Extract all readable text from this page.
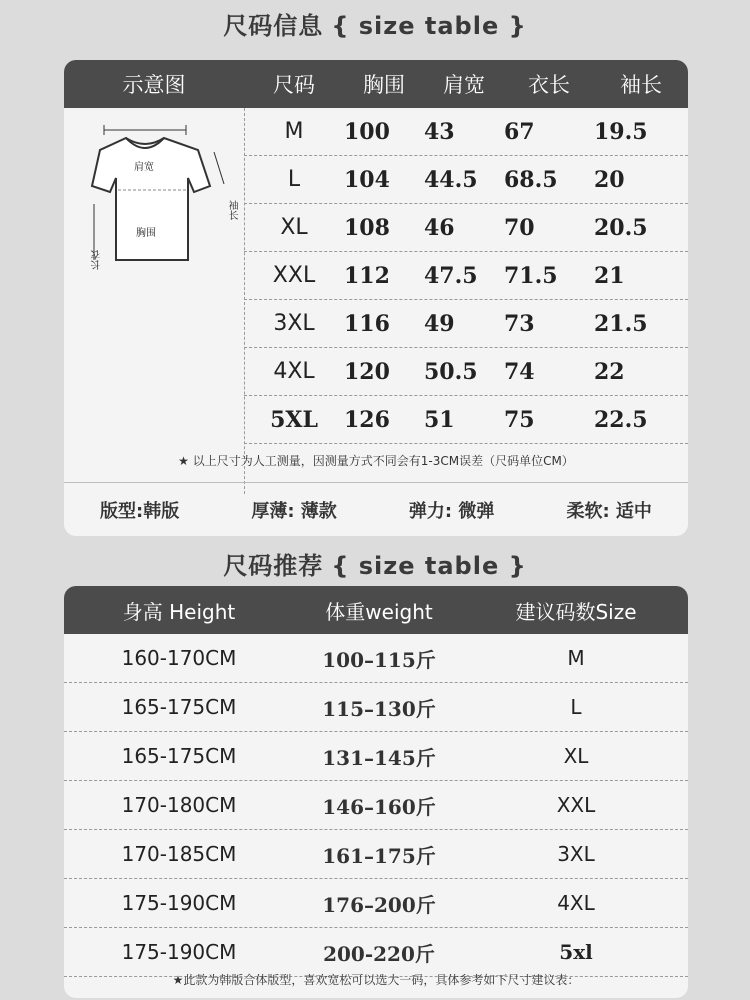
尺码信息 { size table }
示意图	尺码	胸围	肩宽	衣长	袖长
肩宽
胸围
长衣
袖长
M	100	43	67	19.5
L	104	44.5	68.5	20
XL	108	46	70	20.5
XXL	112	47.5	71.5	21
3XL	116	49	73	21.5
4XL	120	50.5	74	22
5XL	126	51	75	22.5
★ 以上尺寸为人工测量，因测量方式不同会有1-3CM误差（尺码单位CM）
版型:韩版	厚薄: 薄款	弹力: 微弹	柔软: 适中
尺码推荐 { size table }
身高 Height	体重weight	建议码数Size
160-170CM	100–115斤	M
165-175CM	115–130斤	L
165-175CM	131–145斤	XL
170-180CM	146–160斤	XXL
170-185CM	161–175斤	3XL
175-190CM	176–200斤	4XL
175-190CM	200-220斤	5xl
★此款为韩版合体版型，喜欢宽松可以选大一码，具体参考如下尺寸建议表：
